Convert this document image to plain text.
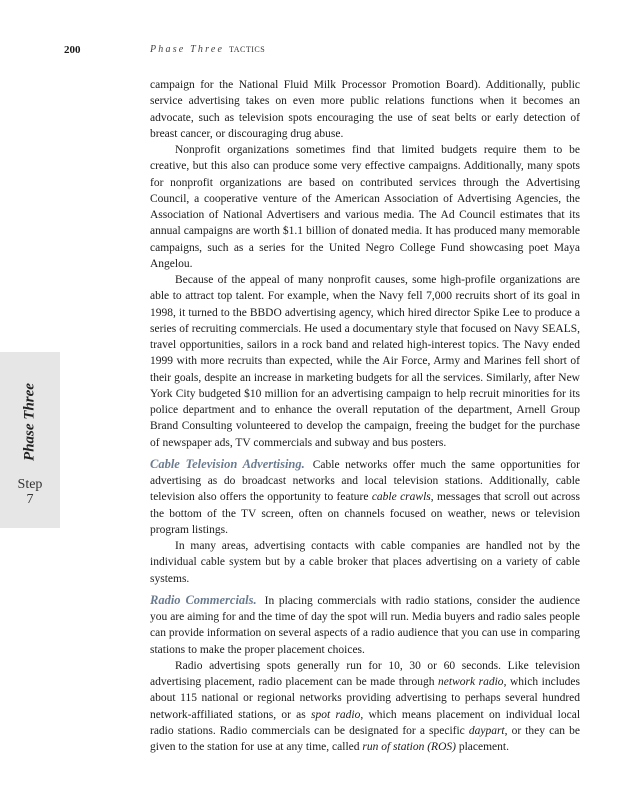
200	Phase Three TACTICS
Phase Three
Step
7

campaign for the National Fluid Milk Processor Promotion Board). Additionally, public service advertising takes on even more public relations functions when it becomes an advocate, such as television spots encouraging the use of seat belts or early detection of breast cancer, or discouraging drug abuse.

Nonprofit organizations sometimes find that limited budgets require them to be creative, but this also can produce some very effective campaigns. Additionally, many spots for nonprofit organizations are based on contributed services through the Advertising Council, a cooperative venture of the American Association of Advertising Agencies, the Association of National Advertisers and various media. The Ad Council estimates that its annual campaigns are worth $1.1 billion of donated media. It has produced many memorable campaigns, such as a series for the United Negro College Fund showcasing poet Maya Angelou.

Because of the appeal of many nonprofit causes, some high-profile organizations are able to attract top talent. For example, when the Navy fell 7,000 recruits short of its goal in 1998, it turned to the BBDO advertising agency, which hired director Spike Lee to produce a series of recruiting commercials. He used a documentary style that focused on Navy SEALS, travel opportunities, sailors in a rock band and related high-interest topics. The Navy ended 1999 with more recruits than expected, while the Air Force, Army and Marines fell short of their goals, despite an increase in marketing budgets for all the services. Similarly, after New York City budgeted $10 million for an advertising campaign to help recruit minorities for its police department and to enhance the overall reputation of the department, Arnell Group Brand Consulting volunteered to develop the campaign, freeing the budget for the purchase of newspaper ads, TV commercials and subway and bus posters.

Cable Television Advertising. Cable networks offer much the same opportunities for advertising as do broadcast networks and local television stations. Additionally, cable television also offers the opportunity to feature cable crawls, messages that scroll out across the bottom of the TV screen, often on channels focused on weather, news or television program listings.

In many areas, advertising contacts with cable companies are handled not by the individual cable system but by a cable broker that places advertising on a variety of cable systems.

Radio Commercials. In placing commercials with radio stations, consider the audience you are aiming for and the time of day the spot will run. Media buyers and radio sales people can provide information on several aspects of a radio audience that you can use in comparing stations to make the proper placement choices.

Radio advertising spots generally run for 10, 30 or 60 seconds. Like television advertising placement, radio placement can be made through network radio, which includes about 115 national or regional networks providing advertising to perhaps several hundred network-affiliated stations, or as spot radio, which means placement on individual local radio stations. Radio commercials can be designated for a specific daypart, or they can be given to the station for use at any time, called run of station (ROS) placement.
